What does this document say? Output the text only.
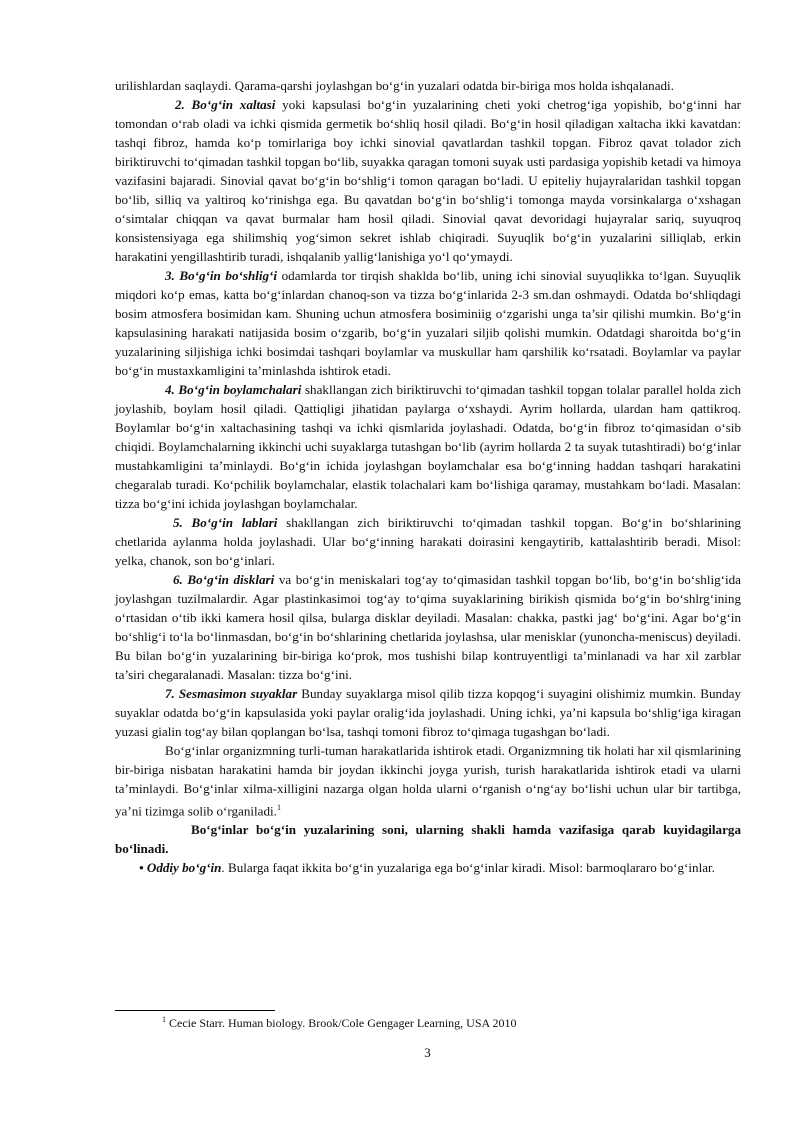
urilishlardan saqlaydi. Qarama-qarshi joylashgan bo‘g‘in yuzalari odatda bir-biriga mos holda ishqalanadi.

2. Bo‘g‘in xaltasi yoki kapsulasi bo‘g‘in yuzalarining cheti yoki chetrog‘iga yopishib, bo‘g‘inni har tomondan o‘rab oladi va ichki qismida germetik bo‘shliq hosil qiladi. Bo‘g‘in hosil qiladigan xaltacha ikki kavatdan: tashqi fibroz, hamda ko‘p tomirlariga boy ichki sinovial qavatlardan tashkil topgan. Fibroz qavat tolador zich biriktiruvchi to‘qimadan tashkil topgan bo‘lib, suyakka qaragan tomoni suyak usti pardasiga yopishib ketadi va himoya vazifasini bajaradi. Sinovial qavat bo‘g‘in bo‘shlig‘i tomon qaragan bo‘ladi. U epiteliy hujayralaridan tashkil topgan bo‘lib, silliq va yaltiroq ko‘rinishga ega. Bu qavatdan bo‘g‘in bo‘shlig‘i tomonga mayda vorsinkalarga o‘xshagan o‘simtalar chiqqan va qavat burmalar ham hosil qiladi. Sinovial qavat devoridagi hujayralar sariq, suyuqroq konsistensiyaga ega shilimshiq yog‘simon sekret ishlab chiqiradi. Suyuqlik bo‘g‘in yuzalarini silliqlab, erkin harakatini yengillashtirib turadi, ishqalanib yallig‘lanishiga yo‘l qo‘ymaydi.

3. Bo‘g‘in bo‘shlig‘i odamlarda tor tirqish shaklda bo‘lib, uning ichi sinovial suyuqlikka to‘lgan. Suyuqlik miqdori ko‘p emas, katta bo‘g‘inlardan chanoq-son va tizza bo‘g‘inlarida 2-3 sm.dan oshmaydi. Odatda bo‘shliqdagi bosim atmosfera bosimidan kam. Shuning uchun atmosfera bosiminiig o‘zgarishi unga ta’sir qilishi mumkin. Bo‘g‘in kapsulasining harakati natijasida bosim o‘zgarib, bo‘g‘in yuzalari siljib qolishi mumkin. Odatdagi sharoitda bo‘g‘in yuzalarining siljishiga ichki bosimdai tashqari boylamlar va muskullar ham qarshilik ko‘rsatadi. Boylamlar va paylar bo‘g‘in mustaxkamligini ta’minlashda ishtirok etadi.

4. Bo‘g‘in boylamchalari shakllangan zich biriktiruvchi to‘qimadan tashkil topgan tolalar parallel holda zich joylashib, boylam hosil qiladi. Qattiqligi jihatidan paylarga o‘xshaydi. Ayrim hollarda, ulardan ham qattikroq. Boylamlar bo‘g‘in xaltachasining tashqi va ichki qismlarida joylashadi. Odatda, bo‘g‘in fibroz to‘qimasidan o‘sib chiqidi. Boylamchalarning ikkinchi uchi suyaklarga tutashgan bo‘lib (ayrim hollarda 2 ta suyak tutashtiradi) bo‘g‘inlar mustahkamligini ta’minlaydi. Bo‘g‘in ichida joylashgan boylamchalar esa bo‘g‘inning haddan tashqari harakatini chegaralab turadi. Ko‘pchilik boylamchalar, elastik tolachalari kam bo‘lishiga qaramay, mustahkam bo‘ladi. Masalan: tizza bo‘g‘ini ichida joylashgan boylamchalar.

5. Bo‘g‘in lablari shakllangan zich biriktiruvchi to‘qimadan tashkil topgan. Bo‘g‘in bo‘shlarining chetlarida aylanma holda joylashadi. Ular bo‘g‘inning harakati doirasini kengaytirib, kattalashtirib beradi. Misol: yelka, chanok, son bo‘g‘inlari.

6. Bo‘g‘in disklari va bo‘g‘in meniskalari tog‘ay to‘qimasidan tashkil topgan bo‘lib, bo‘g‘in bo‘shlig‘ida joylashgan tuzilmalardir. Agar plastinkasimoi tog‘ay to‘qima suyaklarining birikish qismida bo‘g‘in bo‘shlrg‘ining o‘rtasidan o‘tib ikki kamera hosil qilsa, bularga disklar deyiladi. Masalan: chakka, pastki jag‘ bo‘g‘ini. Agar bo‘g‘in bo‘shlig‘i to‘la bo‘linmasdan, bo‘g‘in bo‘shlarining chetlarida joylashsa, ular menisklar (yunoncha-meniscus) deyiladi. Bu bilan bo‘g‘in yuzalarining bir-biriga ko‘prok, mos tushishi bilap kontruyentligi ta’minlanadi va har xil zarblar ta’siri chegaralanadi. Masalan: tizza bo‘g‘ini.

7. Sesmasimon suyaklar Bunday suyaklarga misol qilib tizza kopqog‘i suyagini olishimiz mumkin. Bunday suyaklar odatda bo‘g‘in kapsulasida yoki paylar oralig‘ida joylashadi. Uning ichki, ya’ni kapsula bo‘shlig‘iga kiragan yuzasi gialin tog‘ay bilan qoplangan bo‘lsa, tashqi tomoni fibroz to‘qimaga tugashgan bo‘ladi.

Bo‘g‘inlar organizmning turli-tuman harakatlarida ishtirok etadi. Organizmning tik holati har xil qismlarining bir-biriga nisbatan harakatini hamda bir joydan ikkinchi joyga yurish, turish harakatlarida ishtirok etadi va ularni ta’minlaydi. Bo‘g‘inlar xilma-xilligini nazarga olgan holda ularni o‘rganish o‘ng‘ay bo‘lishi uchun ular bir tartibga, ya’ni tizimga solib o‘rganiladi.$^1$

Bo‘g‘inlar bo‘g‘in yuzalarining soni, ularning shakli hamda vazifasiga qarab kuyidagilarga bo‘linadi.

• Oddiy bo‘g‘in. Bularga faqat ikkita bo‘g‘in yuzalariga ega bo‘g‘inlar kiradi. Misol: barmoqlararo bo‘g‘inlar.

$^1$ Cecie Starr. Human biology. Brook/Cole Gengager Learning, USA 2010
3
